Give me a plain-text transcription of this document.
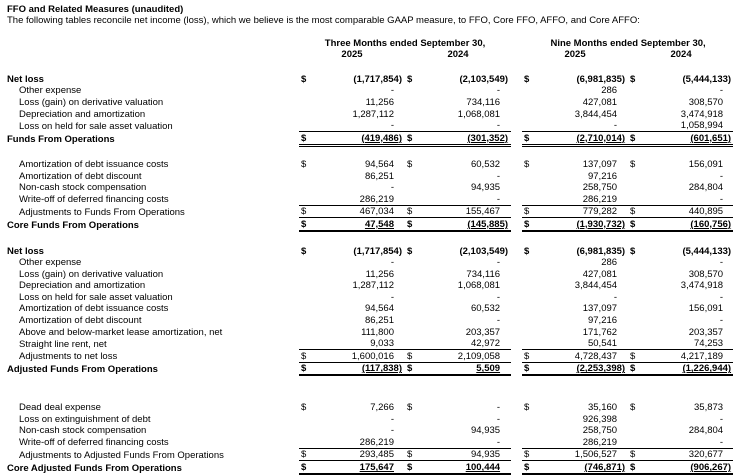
FFO and Related Measures (unaudited)
The following tables reconcile net income (loss), which we believe is the most comparable GAAP measure, to FFO, Core FFO, AFFO, and Core AFFO:
	Three Months ended September 30,					Nine Months ended September 30,			
	2025		2024			2025		2024	

Net loss	$	(1,717,854)	$	(2,103,549)		$	(6,981,835)	$	(5,444,133)
Other expense		-		-			286		-
Loss (gain) on derivative valuation		11,256		734,116			427,081		308,570
Depreciation and amortization		1,287,112		1,068,081			3,844,454		3,474,918
Loss on held for sale asset valuation		-		-			-		1,058,994
Funds From Operations	$	(419,486)	$	(301,352)		$	(2,710,014)	$	(601,651)

Amortization of debt issuance costs	$	94,564	$	60,532		$	137,097	$	156,091
Amortization of debt discount		86,251		-			97,216		-
Non-cash stock compensation		-		94,935			258,750		284,804
Write-off of deferred financing costs		286,219		-			286,219		-
Adjustments to Funds From Operations	$	467,034	$	155,467		$	779,282	$	440,895
Core Funds From Operations	$	47,548	$	(145,885)		$	(1,930,732)	$	(160,756)

Net loss	$	(1,717,854)	$	(2,103,549)		$	(6,981,835)	$	(5,444,133)
Other expense		-		-			286		-
Loss (gain) on derivative valuation		11,256		734,116			427,081		308,570
Depreciation and amortization		1,287,112		1,068,081			3,844,454		3,474,918
Loss on held for sale asset valuation		-		-			-		-
Amortization of debt issuance costs		94,564		60,532			137,097		156,091
Amortization of debt discount		86,251		-			97,216		-
Above and below-market lease amortization, net		111,800		203,357			171,762		203,357
Straight line rent, net		9,033		42,972			50,541		74,253
Adjustments to net loss	$	1,600,016	$	2,109,058		$	4,728,437	$	4,217,189
Adjusted Funds From Operations	$	(117,838)	$	5,509		$	(2,253,398)	$	(1,226,944)

Dead deal expense	$	7,266	$	-		$	35,160	$	35,873
Loss on extinguishment of debt		-		-			926,398		-
Non-cash stock compensation		-		94,935			258,750		284,804
Write-off of deferred financing costs		286,219		-			286,219		-
Adjustments to Adjusted Funds From Operations	$	293,485	$	94,935		$	1,506,527	$	320,677
Core Adjusted Funds From Operations	$	175,647	$	100,444		$	(746,871)	$	(906,267)
